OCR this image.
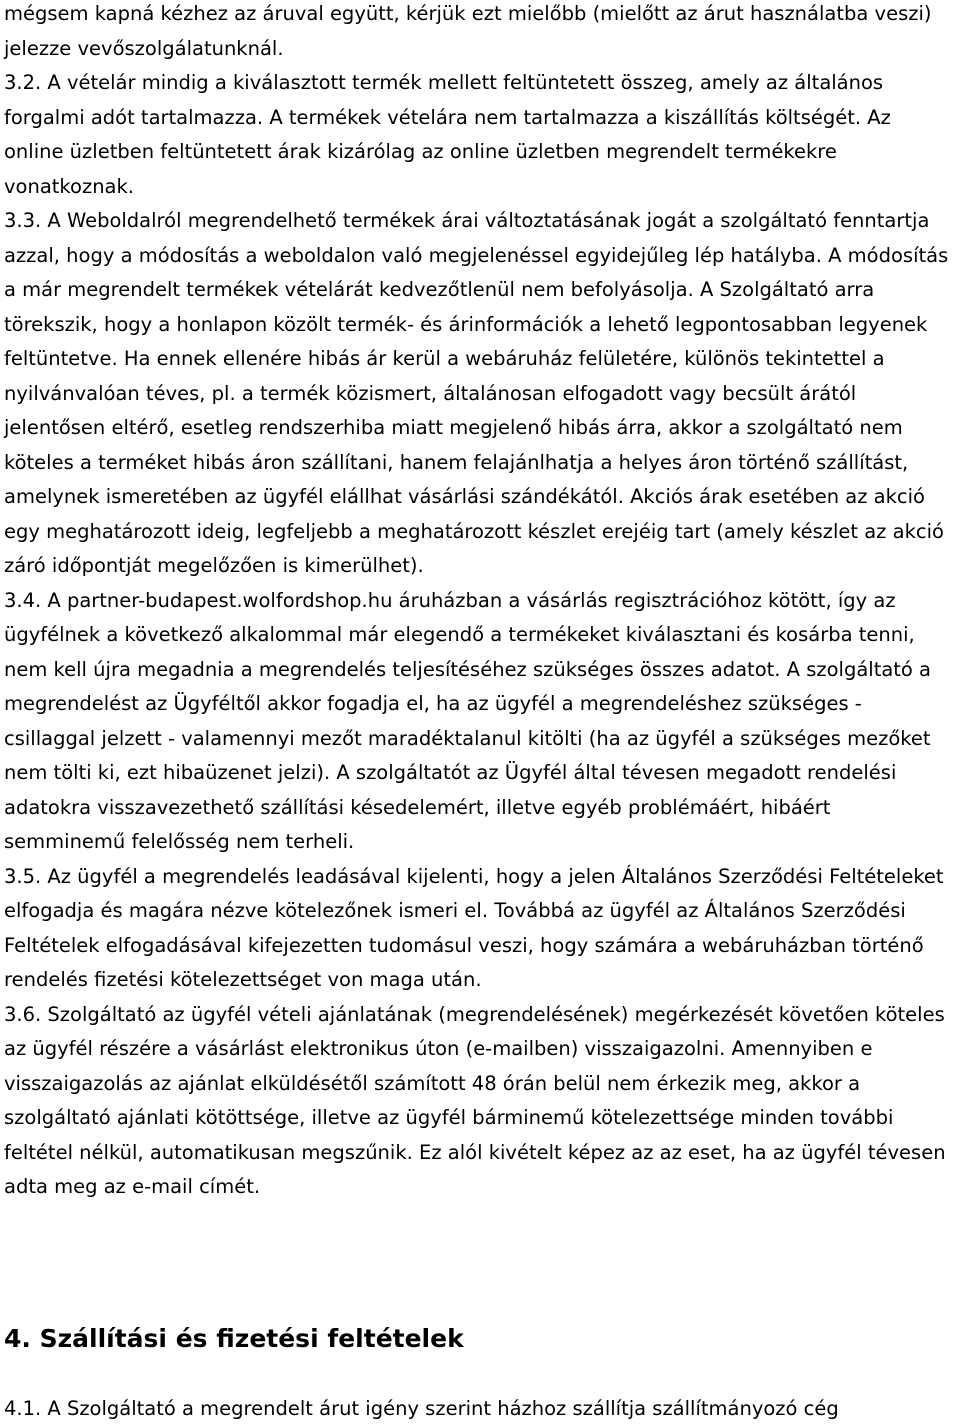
mégsem kapná kézhez az áruval együtt, kérjük ezt mielőbb (mielőtt az árut használatba veszi) jelezze vevőszolgálatunknál.

3.2. A vételár mindig a kiválasztott termék mellett feltüntetett összeg, amely az általános forgalmi adót tartalmazza. A termékek vételára nem tartalmazza a kiszállítás költségét. Az online üzletben feltüntetett árak kizárólag az online üzletben megrendelt termékekre vonatkoznak.

3.3. A Weboldalról megrendelhető termékek árai változtatásának jogát a szolgáltató fenntartja azzal, hogy a módosítás a weboldalon való megjelenéssel egyidejűleg lép hatályba. A módosítás a már megrendelt termékek vételárát kedvezőtlenül nem befolyásolja. A Szolgáltató arra törekszik, hogy a honlapon közölt termék- és árinformációk a lehető legpontosabban legyenek feltüntetve. Ha ennek ellenére hibás ár kerül a webáruház felületére, különös tekintettel a nyilvánvalóan téves, pl. a termék közismert, általánosan elfogadott vagy becsült árától jelentősen eltérő, esetleg rendszerhiba miatt megjelenő hibás árra, akkor a szolgáltató nem köteles a terméket hibás áron szállítani, hanem felajánlhatja a helyes áron történő szállítást, amelynek ismeretében az ügyfél elállhat vásárlási szándékától. Akciós árak esetében az akció egy meghatározott ideig, legfeljebb a meghatározott készlet erejéig tart (amely készlet az akció záró időpontját megelőzően is kimerülhet).

3.4. A partner-budapest.wolfordshop.hu áruházban a vásárlás regisztrációhoz kötött, így az ügyfélnek a következő alkalommal már elegendő a termékeket kiválasztani és kosárba tenni, nem kell újra megadnia a megrendelés teljesítéséhez szükséges összes adatot. A szolgáltató a megrendelést az Ügyféltől akkor fogadja el, ha az ügyfél a megrendeléshez szükséges - csillaggal jelzett - valamennyi mezőt maradéktalanul kitölti (ha az ügyfél a szükséges mezőket nem tölti ki, ezt hibaüzenet jelzi). A szolgáltatót az Ügyfél által tévesen megadott rendelési adatokra visszavezethető szállítási késedelemért, illetve egyéb problémáért, hibáért semminemű felelősség nem terheli.

3.5. Az ügyfél a megrendelés leadásával kijelenti, hogy a jelen Általános Szerződési Feltételeket elfogadja és magára nézve kötelezőnek ismeri el. Továbbá az ügyfél az Általános Szerződési Feltételek elfogadásával kifejezetten tudomásul veszi, hogy számára a webáruházban történő rendelés fizetési kötelezettséget von maga után.

3.6. Szolgáltató az ügyfél vételi ajánlatának (megrendelésének) megérkezését követően köteles az ügyfél részére a vásárlást elektronikus úton (e-mailben) visszaigazolni. Amennyiben e visszaigazolás az ajánlat elküldésétől számított 48 órán belül nem érkezik meg, akkor a szolgáltató ajánlati kötöttsége, illetve az ügyfél bárminemű kötelezettsége minden további feltétel nélkül, automatikusan megszűnik. Ez alól kivételt képez az az eset, ha az ügyfél tévesen adta meg az e-mail címét.

4. Szállítási és fizetési feltételek

4.1. A Szolgáltató a megrendelt árut igény szerint házhoz szállítja szállítmányozó cég
